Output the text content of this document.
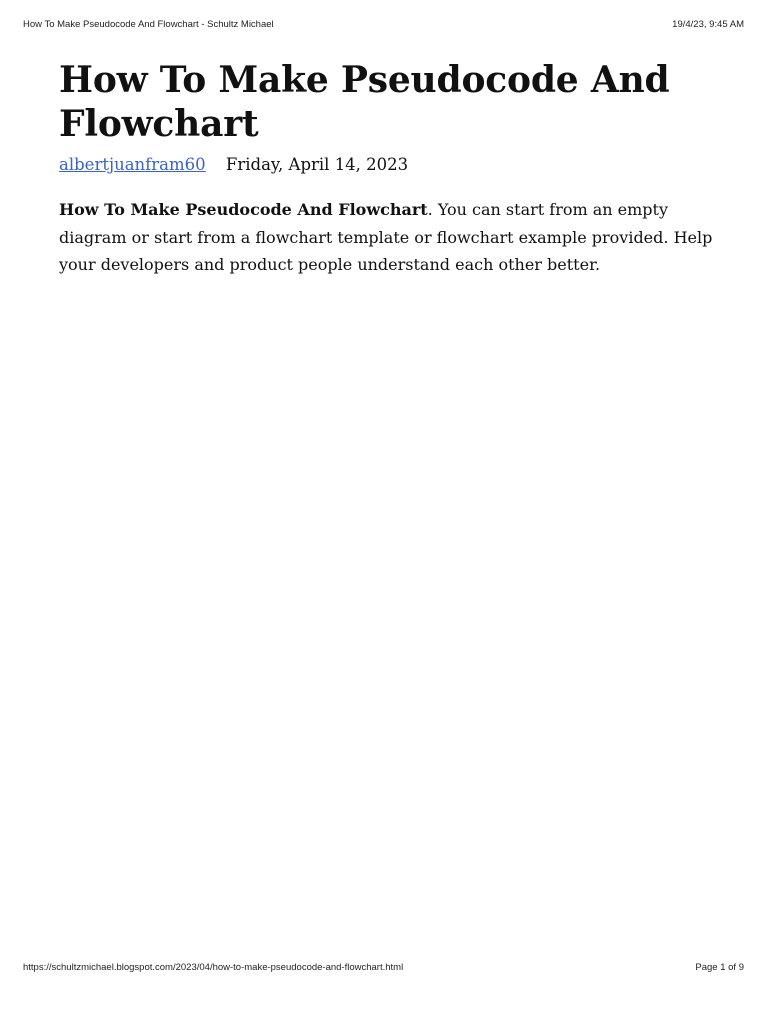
How To Make Pseudocode And Flowchart - Schultz Michael	19/4/23, 9:45 AM
How To Make Pseudocode And Flowchart
albertjuanfram60 Friday, April 14, 2023

How To Make Pseudocode And Flowchart. You can start from an empty diagram or start from a flowchart template or flowchart example provided. Help your developers and product people understand each other better.

https://schultzmichael.blogspot.com/2023/04/how-to-make-pseudocode-and-flowchart.html	Page 1 of 9
